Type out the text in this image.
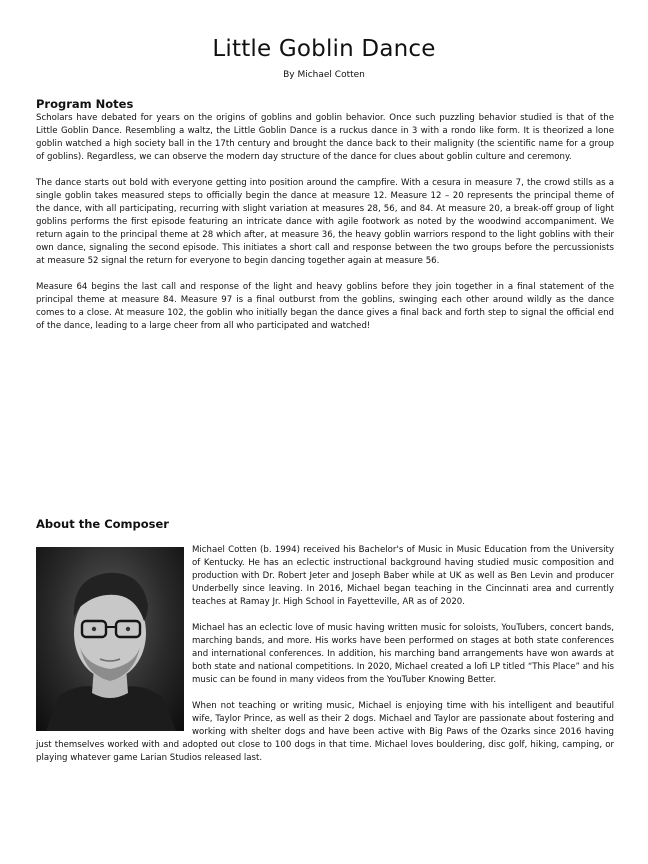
Little Goblin Dance

By Michael Cotten

Program Notes

Scholars have debated for years on the origins of goblins and goblin behavior. Once such puzzling behavior studied is that of the Little Goblin Dance. Resembling a waltz, the Little Goblin Dance is a ruckus dance in 3 with a rondo like form. It is theorized a lone goblin watched a high society ball in the 17th century and brought the dance back to their malignity (the scientific name for a group of goblins). Regardless, we can observe the modern day structure of the dance for clues about goblin culture and ceremony.

The dance starts out bold with everyone getting into position around the campfire. With a cesura in measure 7, the crowd stills as a single goblin takes measured steps to officially begin the dance at measure 12. Measure 12 – 20 represents the principal theme of the dance, with all participating, recurring with slight variation at measures 28, 56, and 84. At measure 20, a break-off group of light goblins performs the first episode featuring an intricate dance with agile footwork as noted by the woodwind accompaniment. We return again to the principal theme at 28 which after, at measure 36, the heavy goblin warriors respond to the light goblins with their own dance, signaling the second episode. This initiates a short call and response between the two groups before the percussionists at measure 52 signal the return for everyone to begin dancing together again at measure 56.

Measure 64 begins the last call and response of the light and heavy goblins before they join together in a final statement of the principal theme at measure 84. Measure 97 is a final outburst from the goblins, swinging each other around wildly as the dance comes to a close. At measure 102, the goblin who initially began the dance gives a final back and forth step to signal the official end of the dance, leading to a large cheer from all who participated and watched!

About the Composer

Michael Cotten (b. 1994) received his Bachelor's of Music in Music Education from the University of Kentucky. He has an eclectic instructional background having studied music composition and production with Dr. Robert Jeter and Joseph Baber while at UK as well as Ben Levin and producer Underbelly since leaving. In 2016, Michael began teaching in the Cincinnati area and currently teaches at Ramay Jr. High School in Fayetteville, AR as of 2020.

Michael has an eclectic love of music having written music for soloists, YouTubers, concert bands, marching bands, and more. His works have been performed on stages at both state conferences and international conferences. In addition, his marching band arrangements have won awards at both state and national competitions. In 2020, Michael created a lofi LP titled “This Place” and his music can be found in many videos from the YouTuber Knowing Better.

When not teaching or writing music, Michael is enjoying time with his intelligent and beautiful wife, Taylor Prince, as well as their 2 dogs. Michael and Taylor are passionate about fostering and working with shelter dogs and have been active with Big Paws of the Ozarks since 2016 having just themselves worked with and adopted out close to 100 dogs in that time. Michael loves bouldering, disc golf, hiking, camping, or playing whatever game Larian Studios released last.
